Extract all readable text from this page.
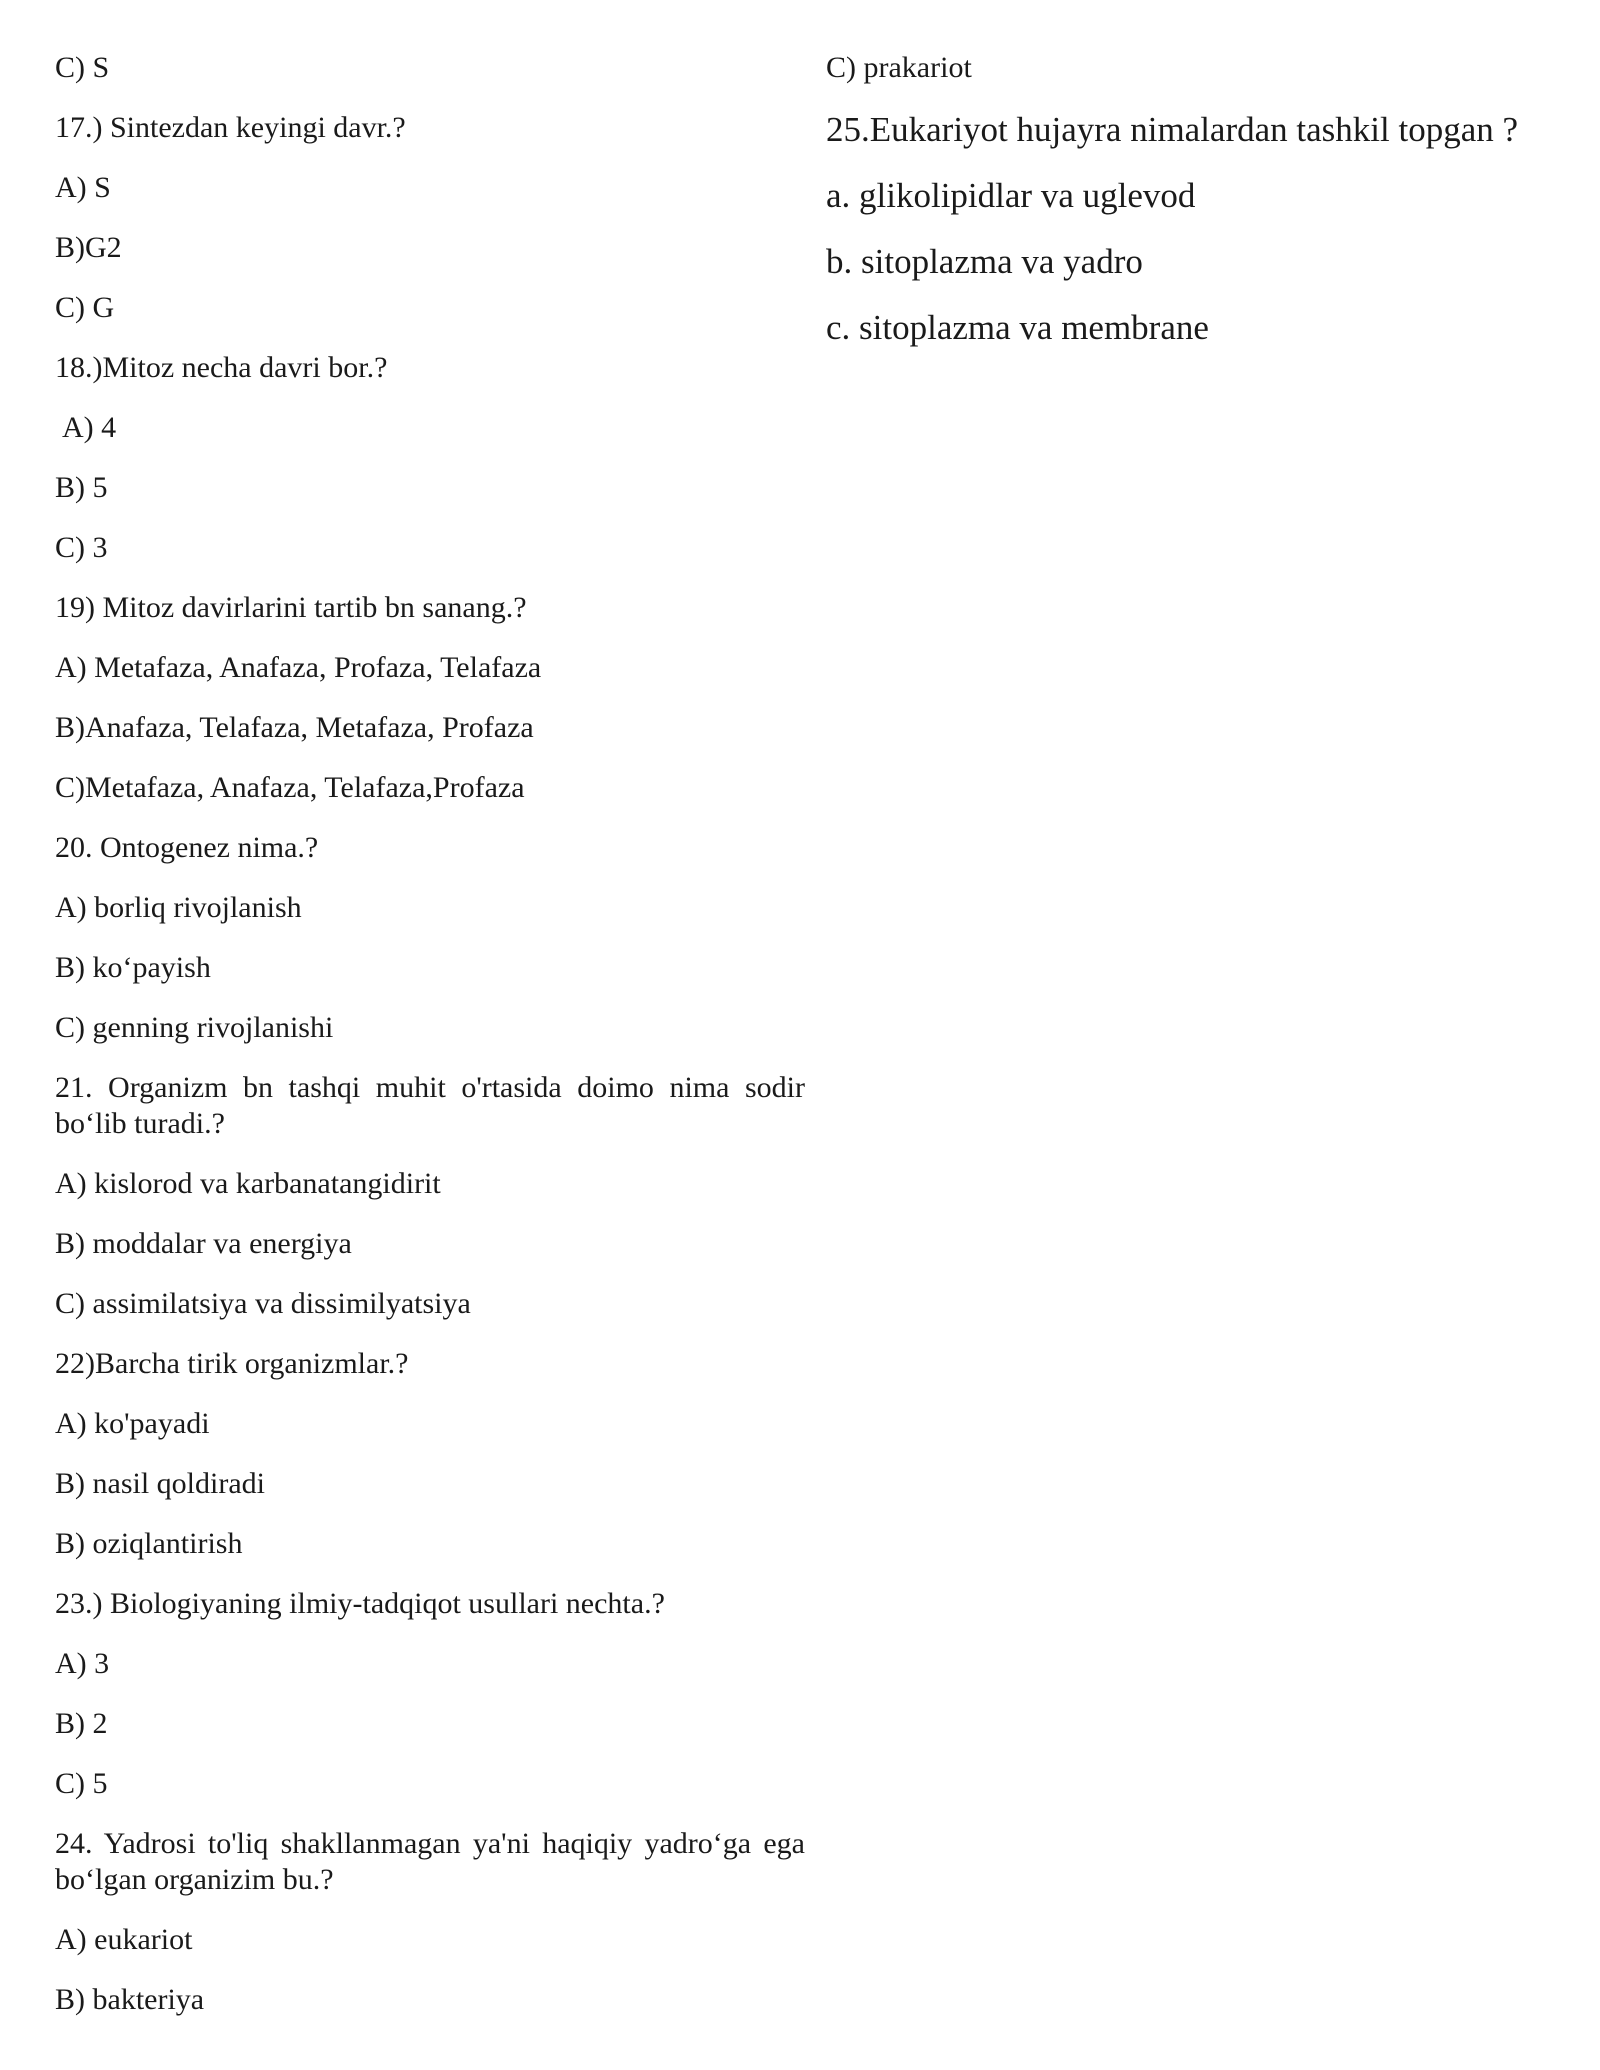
C) S

17.) Sintezdan keyingi davr.?

A) S

B)G2

C) G

18.)Mitoz necha davri bor.?

A) 4

B) 5

C) 3

19) Mitoz davirlarini tartib bn sanang.?

A) Metafaza, Anafaza, Profaza, Telafaza

B)Anafaza, Telafaza, Metafaza, Profaza

C)Metafaza, Anafaza, Telafaza,Profaza

20. Ontogenez nima.?

A) borliq rivojlanish

B) ko‘payish

C) genning rivojlanishi

21. Organizm bn tashqi muhit o'rtasida doimo nima sodir bo‘lib turadi.?

A) kislorod va karbanatangidirit

B) moddalar va energiya

C) assimilatsiya va dissimilyatsiya

22)Barcha tirik organizmlar.?

A) ko'payadi

B) nasil qoldiradi

B) oziqlantirish

23.) Biologiyaning ilmiy-tadqiqot usullari nechta.?

A) 3

B) 2

C) 5

24. Yadrosi to'liq shakllanmagan ya'ni haqiqiy yadro‘ga ega bo‘lgan organizim bu.?

A) eukariot

B) bakteriya

C) prakariot

25.Eukariyot hujayra nimalardan tashkil topgan ?

a. glikolipidlar va uglevod

b. sitoplazma va yadro

c. sitoplazma va membrane
